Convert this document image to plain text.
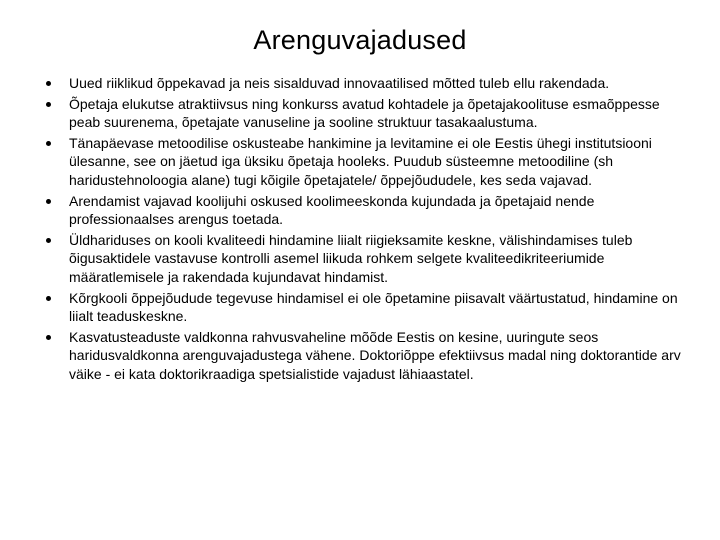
Arenguvajadused
Uued riiklikud õppekavad ja neis sisalduvad innovaatilised mõtted tuleb ellu rakendada.
Õpetaja elukutse atraktiivsus ning konkurss avatud kohtadele ja õpetajakoolituse esmaõppesse peab suurenema, õpetajate vanuseline ja sooline struktuur tasakaalustuma.
Tänapäevase metoodilise oskusteabe hankimine ja levitamine ei ole Eestis ühegi institutsiooni ülesanne, see on jäetud iga üksiku õpetaja hooleks. Puudub süsteemne metoodiline (sh haridustehnoloogia alane) tugi kõigile õpetajatele/ õppejõududele, kes seda vajavad.
Arendamist vajavad koolijuhi oskused koolimeeskonda kujundada ja õpetajaid nende professionaalses arengus toetada.
Üldhariduses on kooli kvaliteedi hindamine liialt riigieksamite keskne, välishindamises tuleb õigusaktidele vastavuse kontrolli asemel liikuda rohkem selgete kvaliteedikriteeriumide määratlemisele ja rakendada kujundavat hindamist.
Kõrgkooli õppejõudude tegevuse hindamisel ei ole õpetamine piisavalt väärtustatud, hindamine on liialt teaduskeskne.
Kasvatusteaduste valdkonna rahvusvaheline mõõde Eestis on kesine, uuringute seos haridusvaldkonna arenguvajadustega vähene. Doktoriõppe efektiivsus madal ning doktorantide arv väike - ei kata doktorikraadiga spetsialistide vajadust lähiaastatel.
